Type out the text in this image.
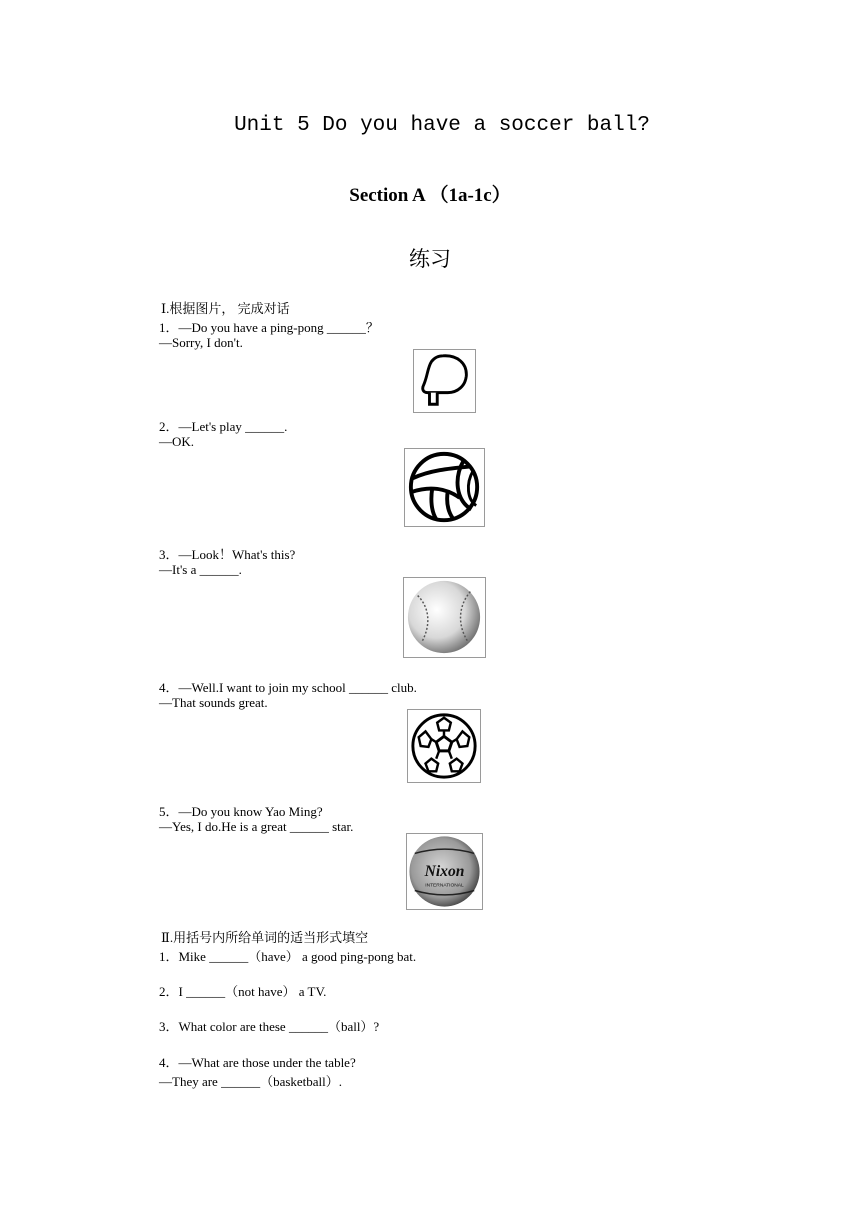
Unit 5 Do you have a soccer ball?
Section A （1a-1c）
练习
Ⅰ.根据图片， 完成对话
1．—Do you have a ping-pong ______？
—Sorry, I don't.
2．—Let's play ______.
—OK.
3．—Look！What's this?
—It's a ______.
4．—Well.I want to join my school ______ club.
—That sounds great.
5．—Do you know Yao Ming?
—Yes, I do.He is a great ______ star.
Nixon
INTERNATIONAL
Ⅱ.用括号内所给单词的适当形式填空
1．Mike ______（have） a good ping-pong bat.
2．I ______（not have） a TV.
3．What color are these ______（ball）?
4．—What are those under the table?
—They are ______（basketball）.
